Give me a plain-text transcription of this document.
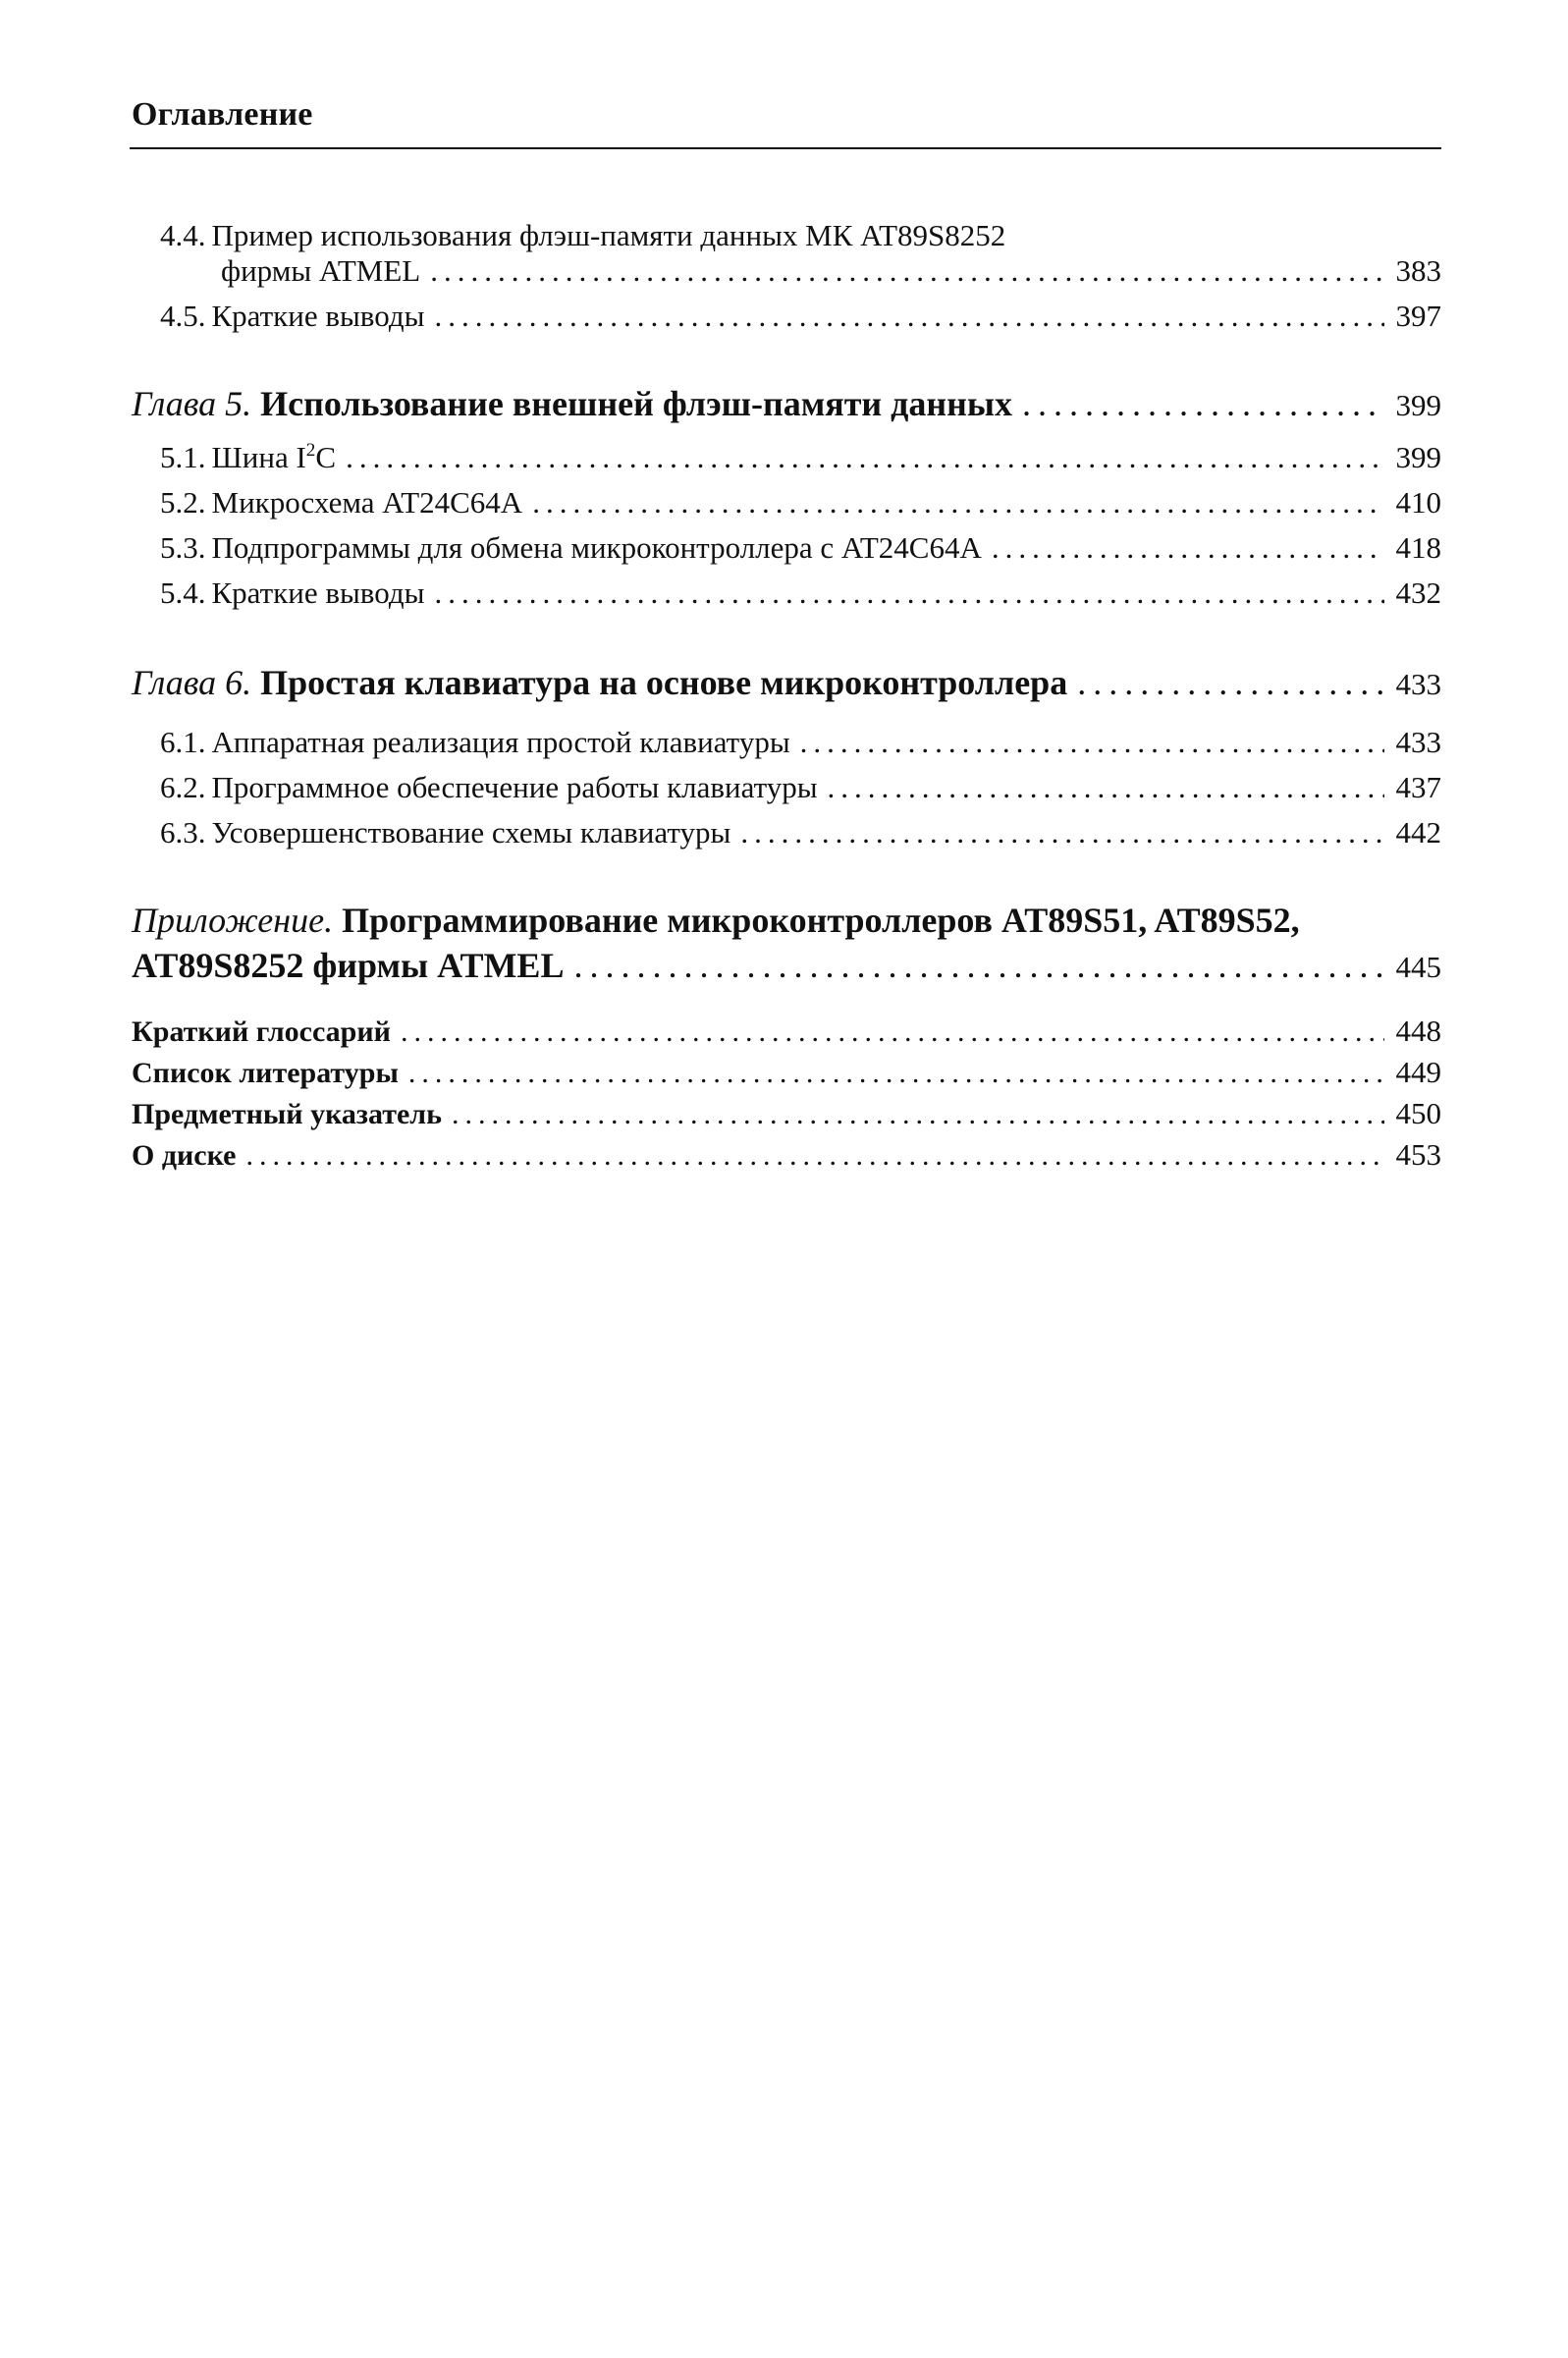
Оглавление
4.4. Пример использования флэш-памяти данных МК AT89S8252
фирмы ATMEL .....	383
4.5. Краткие выводы .....	397
Глава 5. Использование внешней флэш-памяти данных .....	399
5.1. Шина $I^2C$ .....	399
5.2. Микросхема AT24C64A .....	410
5.3. Подпрограммы для обмена микроконтроллера с AT24C64A .....	418
5.4. Краткие выводы .....	432
Глава 6. Простая клавиатура на основе микроконтроллера .....	433
6.1. Аппаратная реализация простой клавиатуры .....	433
6.2. Программное обеспечение работы клавиатуры .....	437
6.3. Усовершенствование схемы клавиатуры .....	442
Приложение. Программирование микроконтроллеров AT89S51, AT89S52,
AT89S8252 фирмы ATMEL .....	445
Краткий глоссарий .....	448
Список литературы .....	449
Предметный указатель .....	450
О диске .....	453
